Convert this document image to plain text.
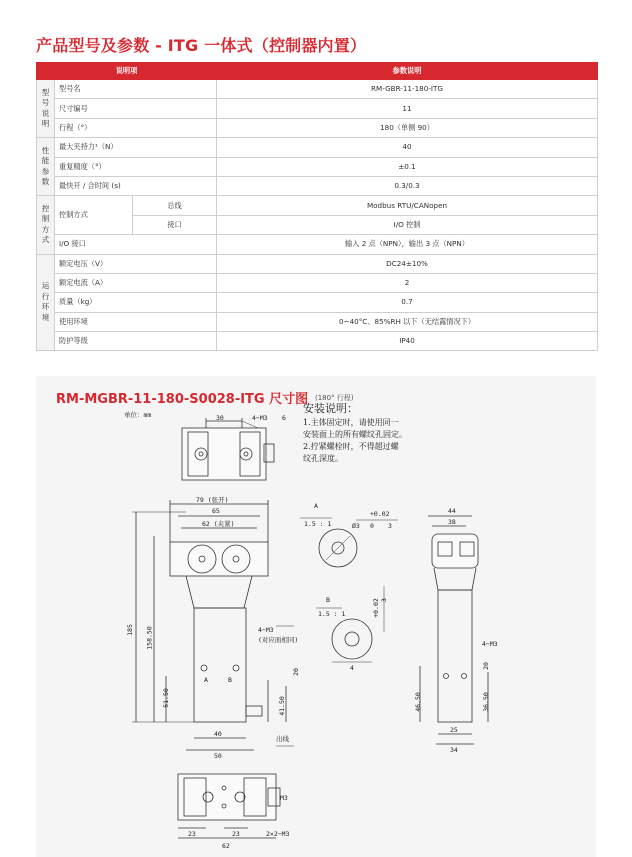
产品型号及参数 - ITG 一体式（控制器内置）
说明项			参数说明

型
号
说
明	型号名		RM-GBR-11-180-ITG
	尺寸编号		11
	行程（°）		180（单侧 90）

性
能
参
数	最大夹持力¹（N）		40
	重复精度（°）		±0.1
	最快开 / 合时间 (s)		0.3/0.3

控
制
方
式	控制方式	总线	Modbus RTU/CANopen
		接口	I/O 控制
	I/O 接口		输入 2 点（NPN），输出 3 点（NPN）

运
行
环
境	额定电压（V）		DC24±10%
	额定电流（A）		2
	质量（kg）		0.7
	使用环境		0~40°C、85%RH 以下（无结露情况下）
	防护等级		IP40
RM-MGBR-11-180-S0028-ITG 尺寸图 (180° 行程)
单位：mm	30	4−M3 6
79 (张开)
65
62 (夹紧)
185 158.50
51.50
40
50
4−M3
(对应面相同)
41.50
20
出线
A	B
A
1.5 : 1
+0.02
Ø3 0 3
B
1.5 : 1	+0.02 3
4
44
38
4−M3
46.50	36.50
20
25
34
M3
23	23	2×2−M3
62
安装说明：
1.主体固定时，请使用同一
安装面上的所有螺纹孔固定。
2.拧紧螺栓时，不得超过螺
纹孔深度。
